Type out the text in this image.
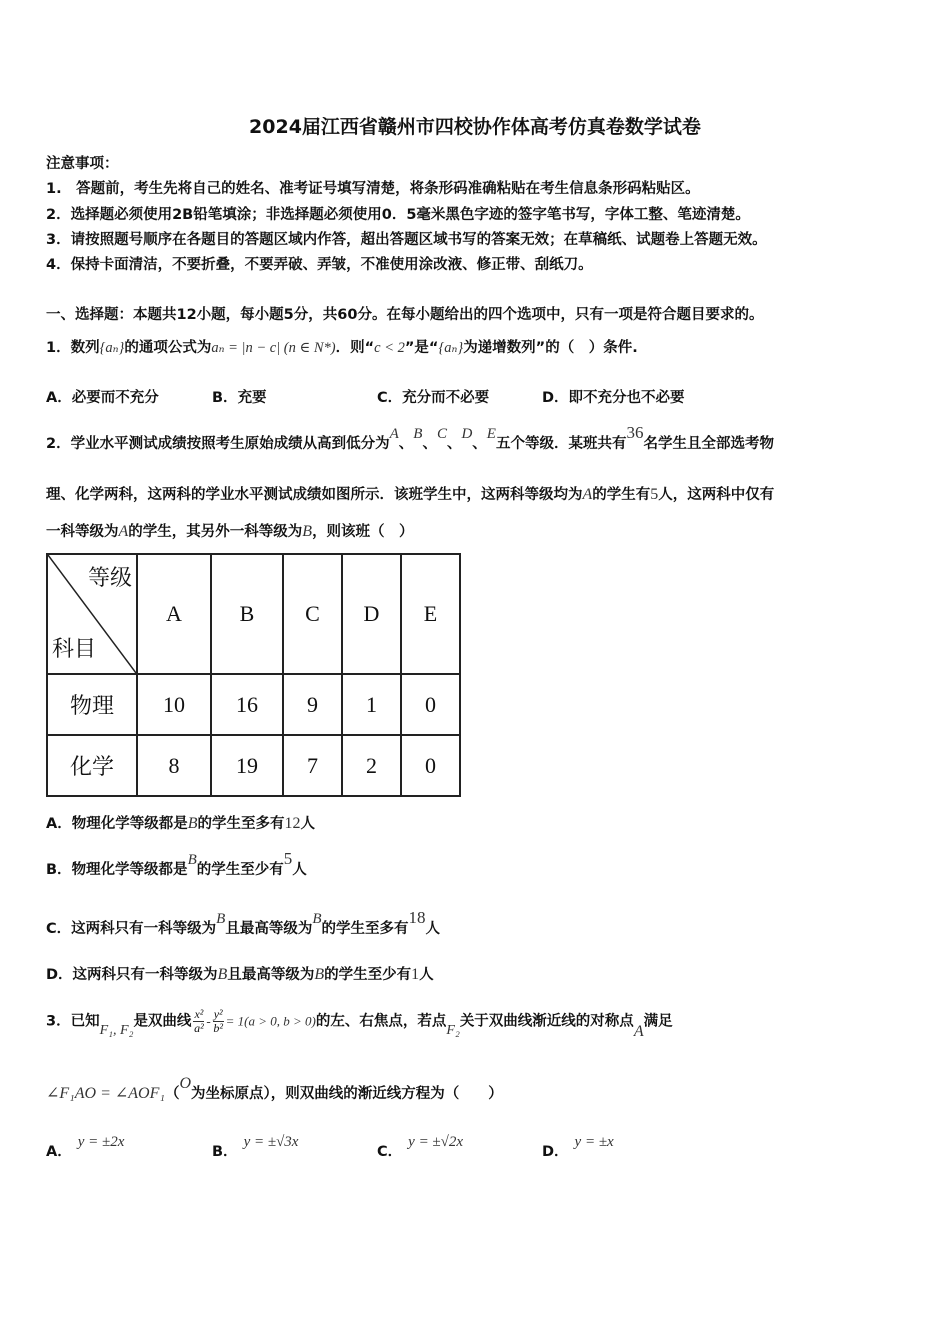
2024届江西省赣州市四校协作体高考仿真卷数学试卷
注意事项：
1.　答题前，考生先将自己的姓名、准考证号填写清楚，将条形码准确粘贴在考生信息条形码粘贴区。
2．选择题必须使用2B铅笔填涂；非选择题必须使用0．5毫米黑色字迹的签字笔书写，字体工整、笔迹清楚。
3．请按照题号顺序在各题目的答题区域内作答，超出答题区域书写的答案无效；在草稿纸、试题卷上答题无效。
4．保持卡面清洁，不要折叠，不要弄破、弄皱，不准使用涂改液、修正带、刮纸刀。
一、选择题：本题共12小题，每小题5分，共60分。在每小题给出的四个选项中，只有一项是符合题目要求的。
1．数列{aₙ}的通项公式为aₙ = |n − c| (n ∈ N*)．则“c < 2”是“{aₙ}为递增数列”的（　）条件.
A．必要而不充分	B．充要	C．充分而不必要	D．即不充分也不必要
2．学业水平测试成绩按照考生原始成绩从高到低分为A、B、C、D、E五个等级．某班共有36名学生且全部选考物
理、化学两科，这两科的学业水平测试成绩如图所示．该班学生中，这两科等级均为A的学生有5人，这两科中仅有
一科等级为A的学生，其另外一科等级为B，则该班（　）
等级
科目	A	B	C	D	E
物理	10	16	9	1	0
化学	8	19	7	2	0
A．物理化学等级都是B的学生至多有12人
B．物理化学等级都是B的学生至少有5人
C．这两科只有一科等级为B且最高等级为B的学生至多有18人
D．这两科只有一科等级为B且最高等级为B的学生至少有1人
3．已知F₁, F₂是双曲线 $\frac{\text{x²}}{\text{a²}} - \frac{\text{y²}}{\text{b²}} = 1(a > 0$, b > 0)的左、右焦点，若点F₂关于双曲线渐近线的对称点A满足
∠F₁AO = ∠AOF₁（O为坐标原点），则双曲线的渐近线方程为（　　）
A．y = ±2x
B．y = ±√3x
C．y = ±√2x
D．y = ±x
